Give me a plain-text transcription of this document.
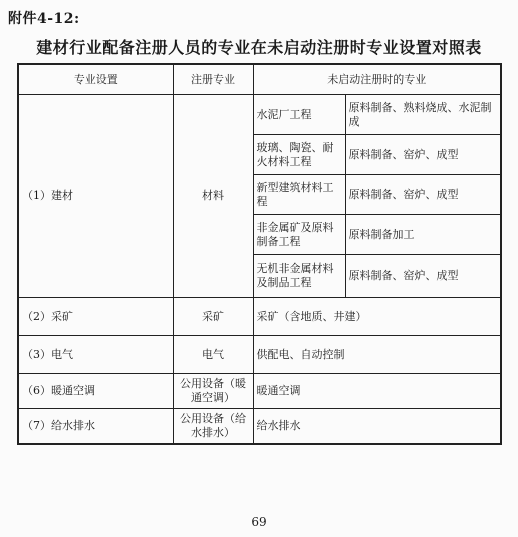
附件4-12:
建材行业配备注册人员的专业在未启动注册时专业设置对照表
专业设置	注册专业	未启动注册时的专业	
（1）建材	材料	水泥厂工程	原料制备、熟料烧成、水泥制成
		玻璃、陶瓷、耐火材料工程	原料制备、窑炉、成型
		新型建筑材料工程	原料制备、窑炉、成型
		非金属矿及原料制备工程	原料制备加工
		无机非金属材料及制品工程	原料制备、窑炉、成型
（2）采矿	采矿	采矿（含地质、井建）	
（3）电气	电气	供配电、自动控制	
（6）暖通空调	公用设备（暖通空调）	暖通空调	
（7）给水排水	公用设备（给水排水）	给水排水	
69
